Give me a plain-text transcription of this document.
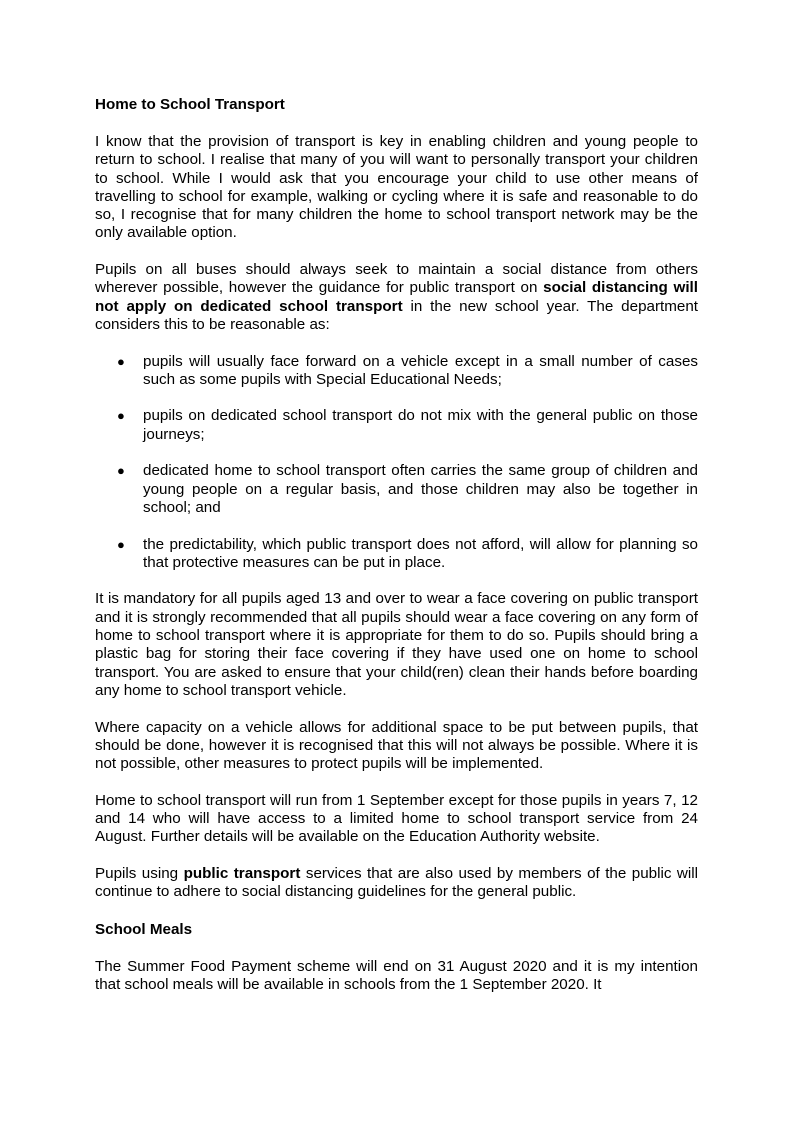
Home to School Transport

I know that the provision of transport is key in enabling children and young people to return to school. I realise that many of you will want to personally transport your children to school. While I would ask that you encourage your child to use other means of travelling to school for example, walking or cycling where it is safe and reasonable to do so, I recognise that for many children the home to school transport network may be the only available option.

Pupils on all buses should always seek to maintain a social distance from others wherever possible, however the guidance for public transport on social distancing will not apply on dedicated school transport in the new school year. The department considers this to be reasonable as:

● pupils will usually face forward on a vehicle except in a small number of cases such as some pupils with Special Educational Needs;
● pupils on dedicated school transport do not mix with the general public on those journeys;
● dedicated home to school transport often carries the same group of children and young people on a regular basis, and those children may also be together in school; and
● the predictability, which public transport does not afford, will allow for planning so that protective measures can be put in place.

It is mandatory for all pupils aged 13 and over to wear a face covering on public transport and it is strongly recommended that all pupils should wear a face covering on any form of home to school transport where it is appropriate for them to do so. Pupils should bring a plastic bag for storing their face covering if they have used one on home to school transport. You are asked to ensure that your child(ren) clean their hands before boarding any home to school transport vehicle.

Where capacity on a vehicle allows for additional space to be put between pupils, that should be done, however it is recognised that this will not always be possible. Where it is not possible, other measures to protect pupils will be implemented.

Home to school transport will run from 1 September except for those pupils in years 7, 12 and 14 who will have access to a limited home to school transport service from 24 August. Further details will be available on the Education Authority website.

Pupils using public transport services that are also used by members of the public will continue to adhere to social distancing guidelines for the general public.

School Meals

The Summer Food Payment scheme will end on 31 August 2020 and it is my intention that school meals will be available in schools from the 1 September 2020. It
